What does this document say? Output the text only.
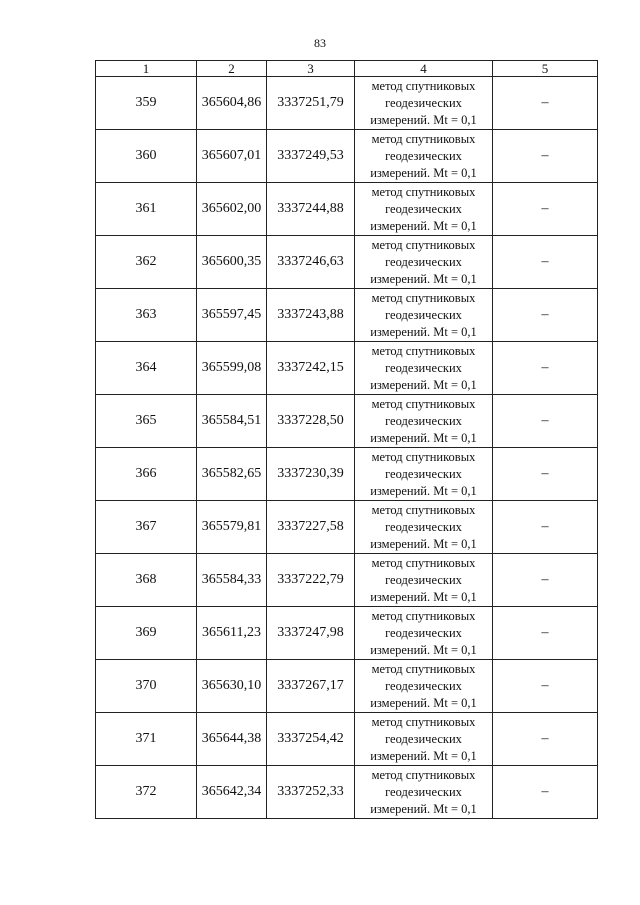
83
1	2	3	4	5
359	365604,86	3337251,79	метод спутниковых
геодезических
измерений. Mt = 0,1	–
360	365607,01	3337249,53	метод спутниковых
геодезических
измерений. Mt = 0,1	–
361	365602,00	3337244,88	метод спутниковых
геодезических
измерений. Mt = 0,1	–
362	365600,35	3337246,63	метод спутниковых
геодезических
измерений. Mt = 0,1	–
363	365597,45	3337243,88	метод спутниковых
геодезических
измерений. Mt = 0,1	–
364	365599,08	3337242,15	метод спутниковых
геодезических
измерений. Mt = 0,1	–
365	365584,51	3337228,50	метод спутниковых
геодезических
измерений. Mt = 0,1	–
366	365582,65	3337230,39	метод спутниковых
геодезических
измерений. Mt = 0,1	–
367	365579,81	3337227,58	метод спутниковых
геодезических
измерений. Mt = 0,1	–
368	365584,33	3337222,79	метод спутниковых
геодезических
измерений. Mt = 0,1	–
369	365611,23	3337247,98	метод спутниковых
геодезических
измерений. Mt = 0,1	–
370	365630,10	3337267,17	метод спутниковых
геодезических
измерений. Mt = 0,1	–
371	365644,38	3337254,42	метод спутниковых
геодезических
измерений. Mt = 0,1	–
372	365642,34	3337252,33	метод спутниковых
геодезических
измерений. Mt = 0,1	–
